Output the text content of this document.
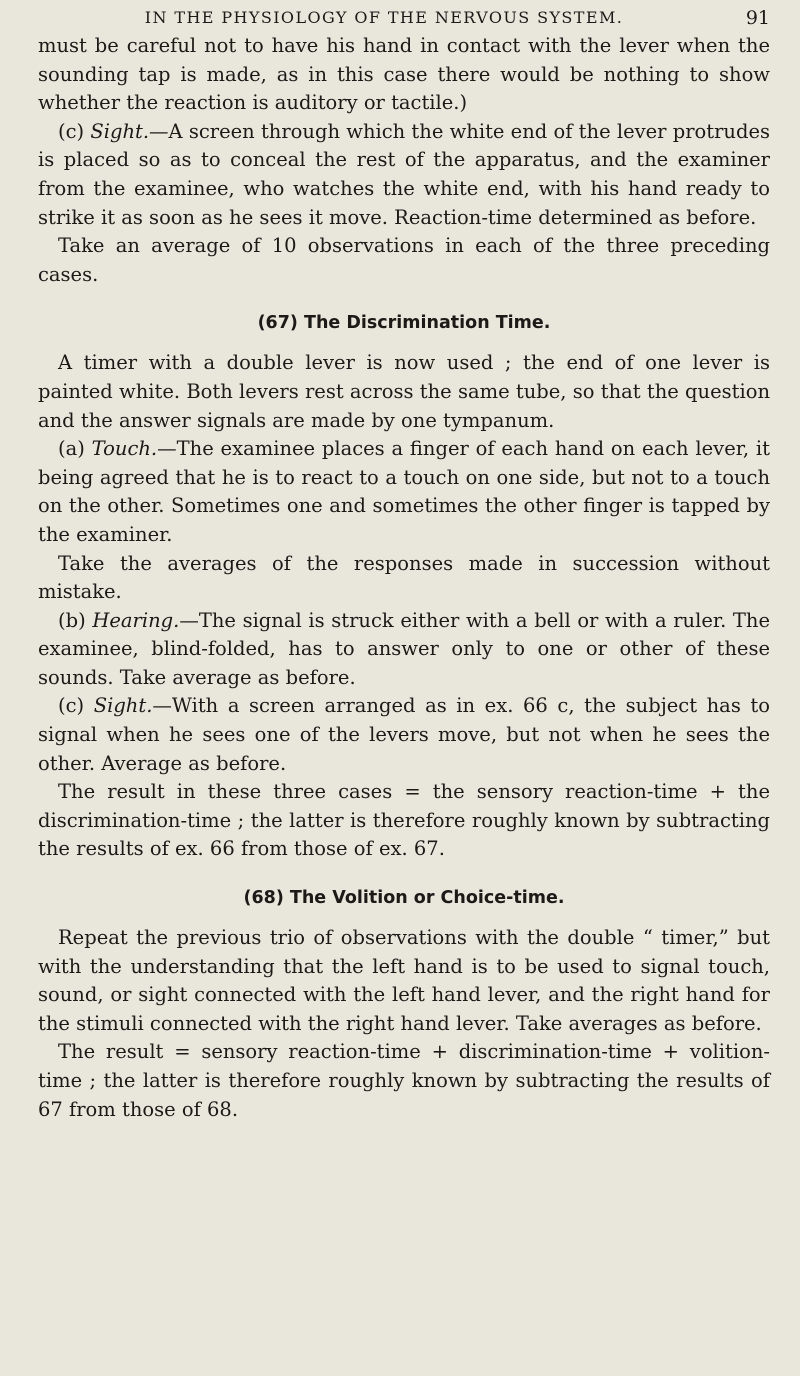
IN THE PHYSIOLOGY OF THE NERVOUS SYSTEM.	91

must be careful not to have his hand in contact with the lever when the sounding tap is made, as in this case there would be nothing to show whether the reaction is auditory or tactile.)

(c) Sight.—A screen through which the white end of the lever protrudes is placed so as to conceal the rest of the apparatus, and the examiner from the examinee, who watches the white end, with his hand ready to strike it as soon as he sees it move. Reaction-time determined as before.

Take an average of 10 observations in each of the three preceding cases.

(67) The Discrimination Time.

A timer with a double lever is now used ; the end of one lever is painted white. Both levers rest across the same tube, so that the question and the answer signals are made by one tympanum.

(a) Touch.—The examinee places a finger of each hand on each lever, it being agreed that he is to react to a touch on one side, but not to a touch on the other. Sometimes one and sometimes the other finger is tapped by the examiner.

Take the averages of the responses made in succession without mistake.

(b) Hearing.—The signal is struck either with a bell or with a ruler. The examinee, blind-folded, has to answer only to one or other of these sounds. Take average as before.

(c) Sight.—With a screen arranged as in ex. 66 c, the subject has to signal when he sees one of the levers move, but not when he sees the other. Average as before.

The result in these three cases = the sensory reaction-time + the discrimination-time ; the latter is therefore roughly known by subtracting the results of ex. 66 from those of ex. 67.

(68) The Volition or Choice-time.

Repeat the previous trio of observations with the double “ timer,” but with the understanding that the left hand is to be used to signal touch, sound, or sight connected with the left hand lever, and the right hand for the stimuli connected with the right hand lever. Take averages as before.

The result = sensory reaction-time + discrimination-time + volition-time ; the latter is therefore roughly known by subtracting the results of 67 from those of 68.
